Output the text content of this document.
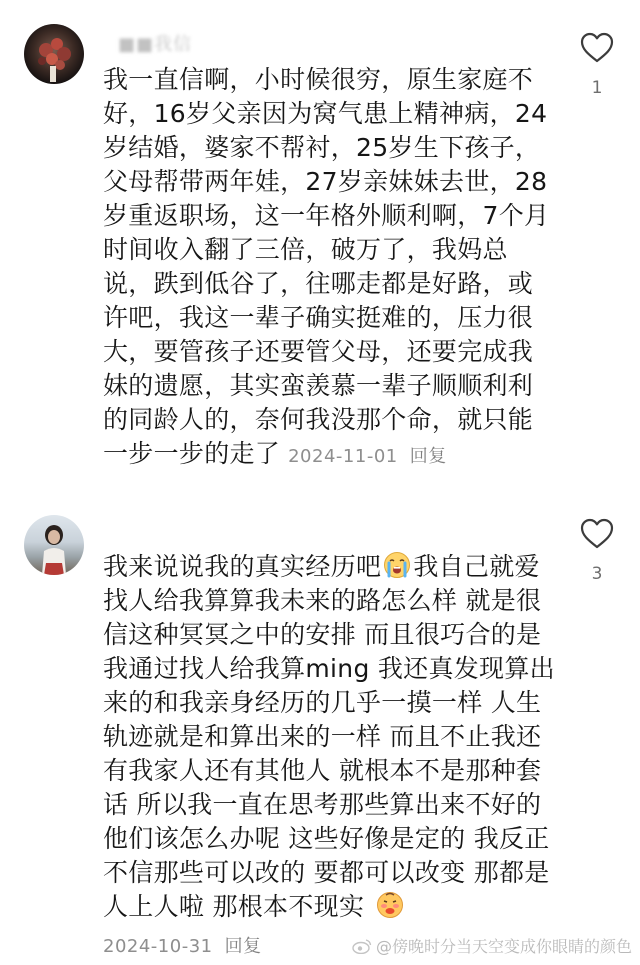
■■我信

我一直信啊，小时候很穷，原生家庭不
好，16岁父亲因为窝气患上精神病，24
岁结婚，婆家不帮衬，25岁生下孩子，
父母帮带两年娃，27岁亲妹妹去世，28
岁重返职场，这一年格外顺利啊，7个月
时间收入翻了三倍，破万了，我妈总
说，跌到低谷了，往哪走都是好路，或
许吧，我这一辈子确实挺难的，压力很
大，要管孩子还要管父母，还要完成我
妹的遗愿，其实蛮羡慕一辈子顺顺利利
的同龄人的，奈何我没那个命，就只能
一步一步的走了 2024-11-01 回复

1

我来说说我的真实经历吧 我自己就爱
找人给我算算我未来的路怎么样 就是很
信这种冥冥之中的安排 而且很巧合的是
我通过找人给我算ming 我还真发现算出
来的和我亲身经历的几乎一摸一样 人生
轨迹就是和算出来的一样 而且不止我还
有我家人还有其他人 就根本不是那种套
话 所以我一直在思考那些算出来不好的
他们该怎么办呢 这些好像是定的 我反正
不信那些可以改的 要都可以改变 那都是
人上人啦 那根本不现实

2024-10-31 回复
3
@傍晚时分当天空变成你眼睛的颜色
